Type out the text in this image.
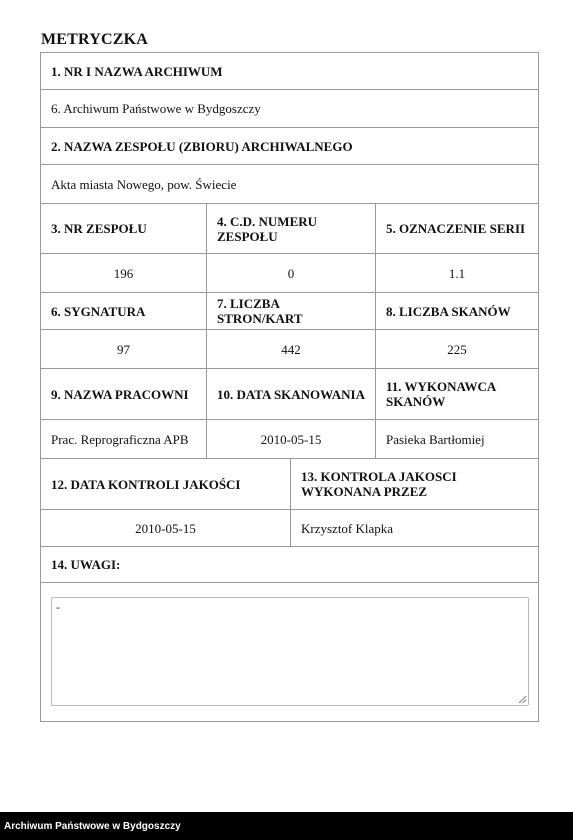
METRYCZKA
1. NR I NAZWA ARCHIWUM
6. Archiwum Państwowe w Bydgoszczy
2. NAZWA ZESPOŁU (ZBIORU) ARCHIWALNEGO
Akta miasta Nowego, pow. Świecie
3. NR ZESPOŁU	4. C.D. NUMERU ZESPOŁU	5. OZNACZENIE SERII
196	0	1.1
6. SYGNATURA	7. LICZBA STRON/KART	8. LICZBA SKANÓW
97	442	225
9. NAZWA PRACOWNI	10. DATA SKANOWANIA	11. WYKONAWCA SKANÓW
Prac. Reprograficzna APB	2010-05-15	Pasieka Bartłomiej
12. DATA KONTROLI JAKOŚCI	13. KONTROLA JAKOSCI WYKONANA PRZEZ
2010-05-15	Krzysztof Klapka
14. UWAGI:
-
Archiwum Państwowe w Bydgoszczy
